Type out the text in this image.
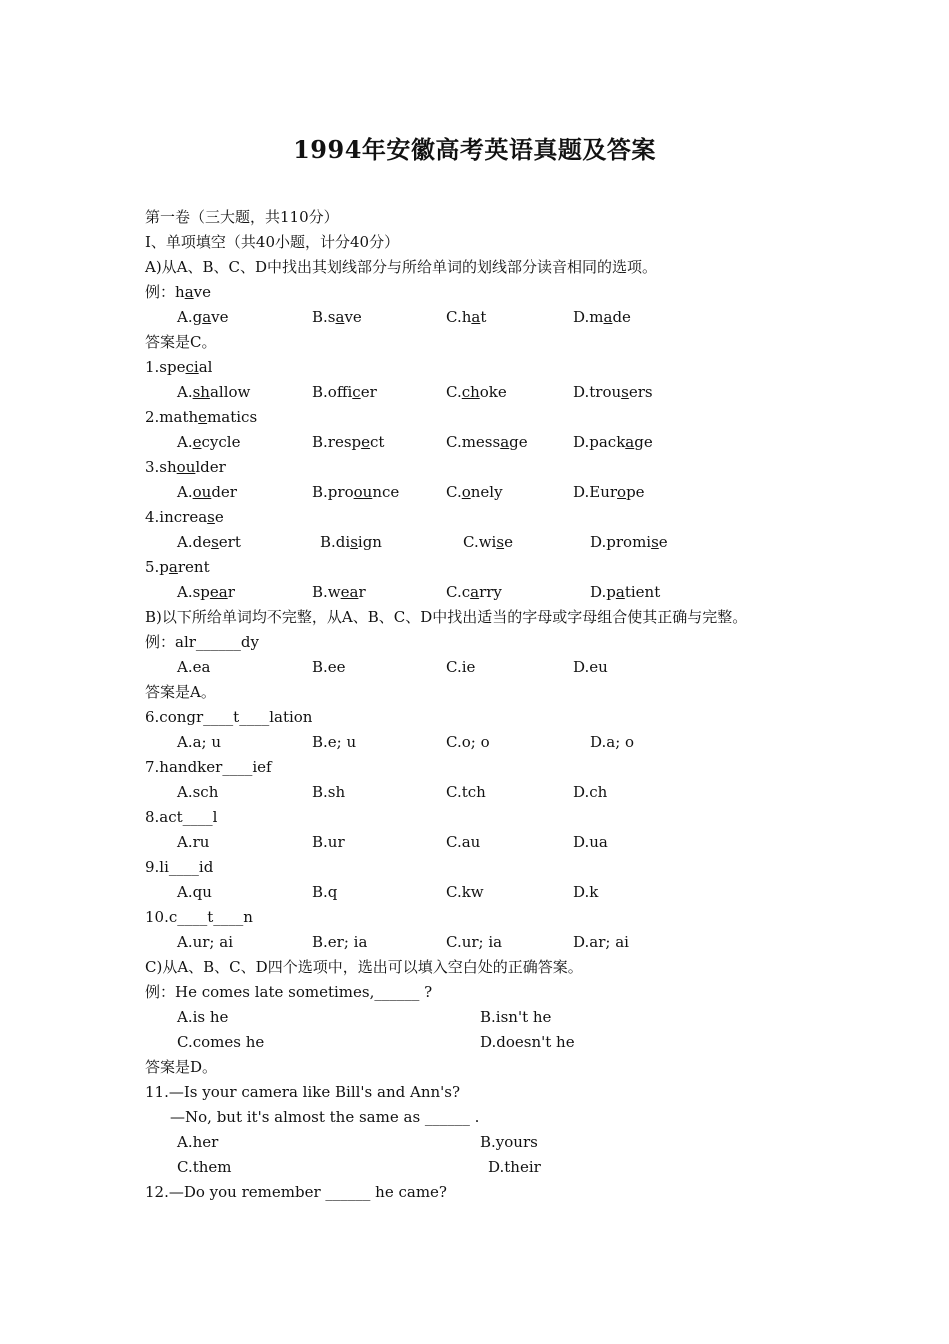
1994年安徽高考英语真题及答案
第一卷（三大题，共110分）
I、单项填空（共40小题，计分40分）
A)从A、B、C、D中找出其划线部分与所给单词的划线部分读音相同的选项。
例：have
A.gave	B.save	C.hat	D.made
答案是C。
1.special
A.shallow	B.officer	C.choke	D.trousers
2.mathematics
A.ecycle	B.respect	C.message	D.package
3.shoulder
A.ouder	B.proounce	C.onely	D.Europe
4.increase
A.desert	B.disign	C.wise	D.promise
5.parent
A.spear	B.wear	C.carry	D.patient
B)以下所给单词均不完整，从A、B、C、D中找出适当的字母或字母组合使其正确与完整。
例：alr______dy
A.ea	B.ee	C.ie	D.eu
答案是A。
6.congr____t____lation
A.a; u	B.e; u	C.o; o	D.a; o
7.handker____ief
A.sch	B.sh	C.tch	D.ch
8.act____l
A.ru	B.ur	C.au	D.ua
9.li____id
A.qu	B.q	C.kw	D.k
10.c____t____n
A.ur; ai	B.er; ia	C.ur; ia	D.ar; ai
C)从A、B、C、D四个选项中，选出可以填入空白处的正确答案。
例：He comes late sometimes,______ ?
A.is he	B.isn't he
C.comes he	D.doesn't he
答案是D。
11.—Is your camera like Bill's and Ann's?
—No, but it's almost the same as ______ .
A.her	B.yours
C.them	D.their
12.—Do you remember ______ he came?
